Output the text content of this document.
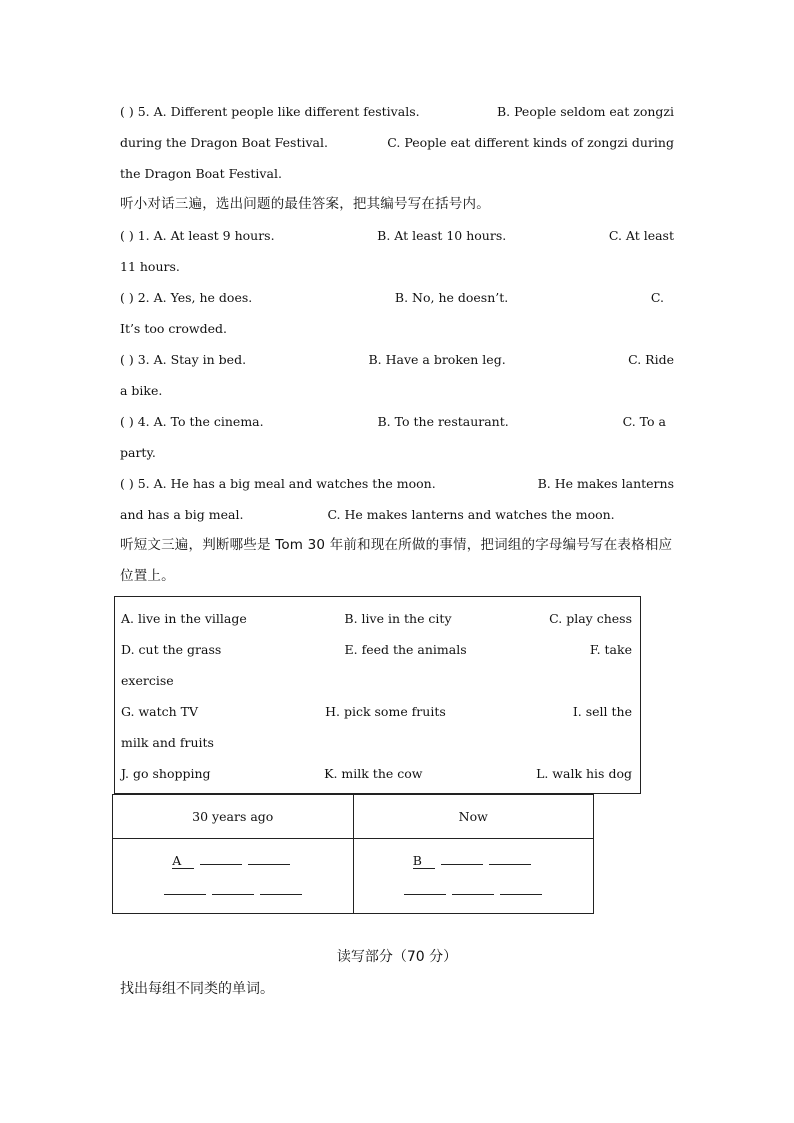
( ) 5. A. Different people like different festivals.	B. People seldom eat zongzi
during the Dragon Boat Festival.	C. People eat different kinds of zongzi during
the Dragon Boat Festival.
听小对话三遍，选出问题的最佳答案，把其编号写在括号内。
( ) 1. A. At least 9 hours.	B. At least 10 hours.	C. At least
11 hours.
( ) 2. A. Yes, he does.	B. No, he doesn’t.	C.
It’s too crowded.
( ) 3. A. Stay in bed.	B. Have a broken leg.	C. Ride
a bike.
( ) 4. A. To the cinema.	B. To the restaurant.	C. To a
party.
( ) 5. A. He has a big meal and watches the moon.	B. He makes lanterns
and has a big meal.	C. He makes lanterns and watches the moon.
听短文三遍，判断哪些是 Tom 30 年前和现在所做的事情，把词组的字母编号写在表格相应
位置上。
A. live in the village	B. live in the city	C. play chess
D. cut the grass	E. feed the animals	F. take
exercise
G. watch TV	H. pick some fruits	I. sell the
milk and fruits
J. go shopping	K. milk the cow	L. walk his dog
30 years ago	Now

A	B
读写部分（70 分）
找出每组不同类的单词。
